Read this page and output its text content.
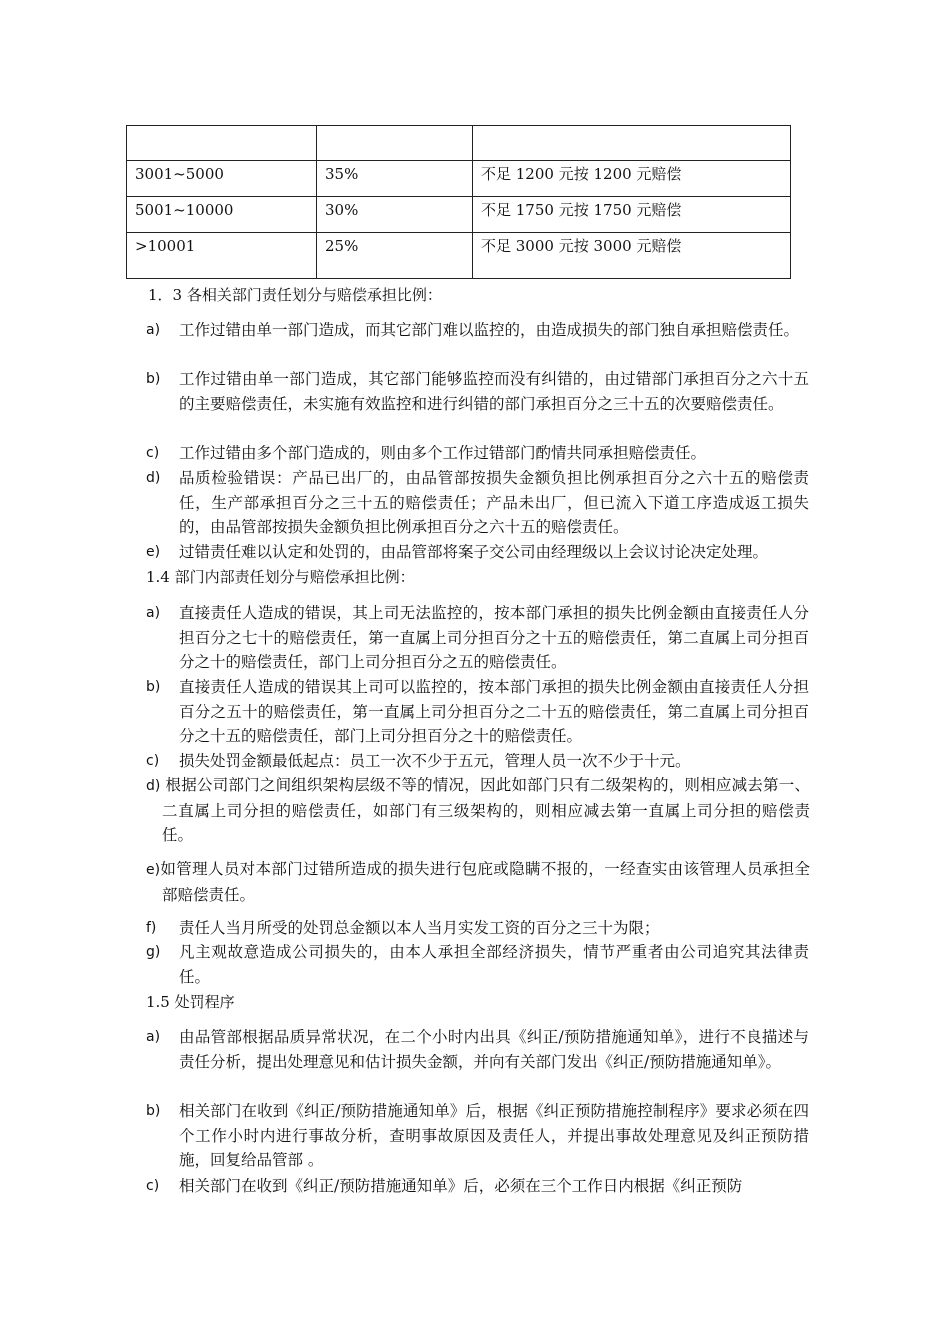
3001~5000	35%	不足 1200 元按 1200 元赔偿
5001~10000	30%	不足 1750 元按 1750 元赔偿
>10001	25%	不足 3000 元按 3000 元赔偿
1．3 各相关部门责任划分与赔偿承担比例：
a) 工作过错由单一部门造成，而其它部门难以监控的，由造成损失的部门独自承担赔偿责任。
b) 工作过错由单一部门造成，其它部门能够监控而没有纠错的，由过错部门承担百分之六十五的主要赔偿责任，未实施有效监控和进行纠错的部门承担百分之三十五的次要赔偿责任。
c) 工作过错由多个部门造成的，则由多个工作过错部门酌情共同承担赔偿责任。
d) 品质检验错误：产品已出厂的，由品管部按损失金额负担比例承担百分之六十五的赔偿责任，生产部承担百分之三十五的赔偿责任；产品未出厂，但已流入下道工序造成返工损失的，由品管部按损失金额负担比例承担百分之六十五的赔偿责任。
e) 过错责任难以认定和处罚的，由品管部将案子交公司由经理级以上会议讨论决定处理。
1.4 部门内部责任划分与赔偿承担比例：
a) 直接责任人造成的错误，其上司无法监控的，按本部门承担的损失比例金额由直接责任人分担百分之七十的赔偿责任，第一直属上司分担百分之十五的赔偿责任，第二直属上司分担百分之十的赔偿责任，部门上司分担百分之五的赔偿责任。
b) 直接责任人造成的错误其上司可以监控的，按本部门承担的损失比例金额由直接责任人分担百分之五十的赔偿责任，第一直属上司分担百分之二十五的赔偿责任，第二直属上司分担百分之十五的赔偿责任，部门上司分担百分之十的赔偿责任。
c) 损失处罚金额最低起点：员工一次不少于五元，管理人员一次不少于十元。
d) 根据公司部门之间组织架构层级不等的情况，因此如部门只有二级架构的，则相应减去第一、二直属上司分担的赔偿责任，如部门有三级架构的，则相应减去第一直属上司分担的赔偿责任。
e)如管理人员对本部门过错所造成的损失进行包庇或隐瞒不报的，一经查实由该管理人员承担全部赔偿责任。
f) 责任人当月所受的处罚总金额以本人当月实发工资的百分之三十为限；
g) 凡主观故意造成公司损失的，由本人承担全部经济损失，情节严重者由公司追究其法律责任。
1.5 处罚程序
a) 由品管部根据品质异常状况，在二个小时内出具《纠正/预防措施通知单》，进行不良描述与责任分析，提出处理意见和估计损失金额，并向有关部门发出《纠正/预防措施通知单》。
b) 相关部门在收到《纠正/预防措施通知单》后，根据《纠正预防措施控制程序》要求必须在四个工作小时内进行事故分析，查明事故原因及责任人，并提出事故处理意见及纠正预防措施，回复给品管部 。
c) 相关部门在收到《纠正/预防措施通知单》后，必须在三个工作日内根据《纠正预防
